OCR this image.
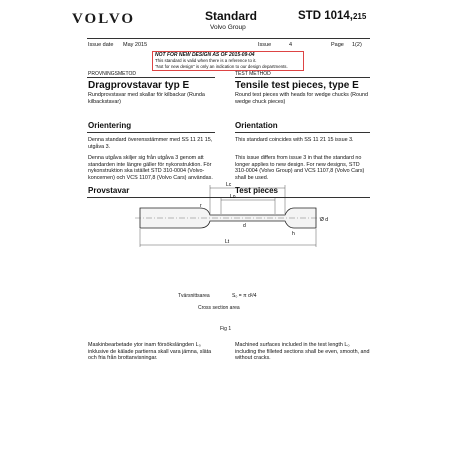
VOLVO	Standard
Volvo Group
STD 1014,215
Issue date May 2015	Issue	4	Page 1(2)
NOT FOR NEW DESIGN AS OF 2015-09-04
This standard is valid when there is a reference to it.
"Not for new design" is only an indication to our design departments.
PROVNINGSMETOD
Dragprovstavar typ E
Rundprovstavar med skallar för kilbackar (Runda kilbackstavar)
Orientering
Denna standard överensstämmer med SS 11 21 15, utgåva 3.
Denna utgåva skiljer sig från utgåva 3 genom att standarden inte längre gäller för nykonstruktion. För nykonstruktion ska istället STD 310-0004 (Volvo-koncernen) och VCS 1107,8 (Volvo Cars) användas.
Provstavar
Maskinbearbetade ytor inam försökslängden L₀ inklusive de kälade partierna skall vara jämna, släta och fria från brottanvisningar.
TEST METHOD
Tensile test pieces, type E
Round test pieces with heads for wedge chucks (Round wedge chuck pieces)
Orientation
This standard coincides with SS 11 21 15 issue 3.
This issue differs from issue 3 in that the standard no longer applies to new design. For new designs, STD 310-0004 (Volvo Group) and VCS 1107,8 (Volvo Cars) shall be used.
Test pieces
Machined surfaces included in the test length L₀ including the filleted sections shall be even, smooth, and without cracks.
Lc
Lo
r
d
h
Ø d
Lt
Tvärsnittsarea	S₀ = π d²/4
Cross section area
Fig 1
